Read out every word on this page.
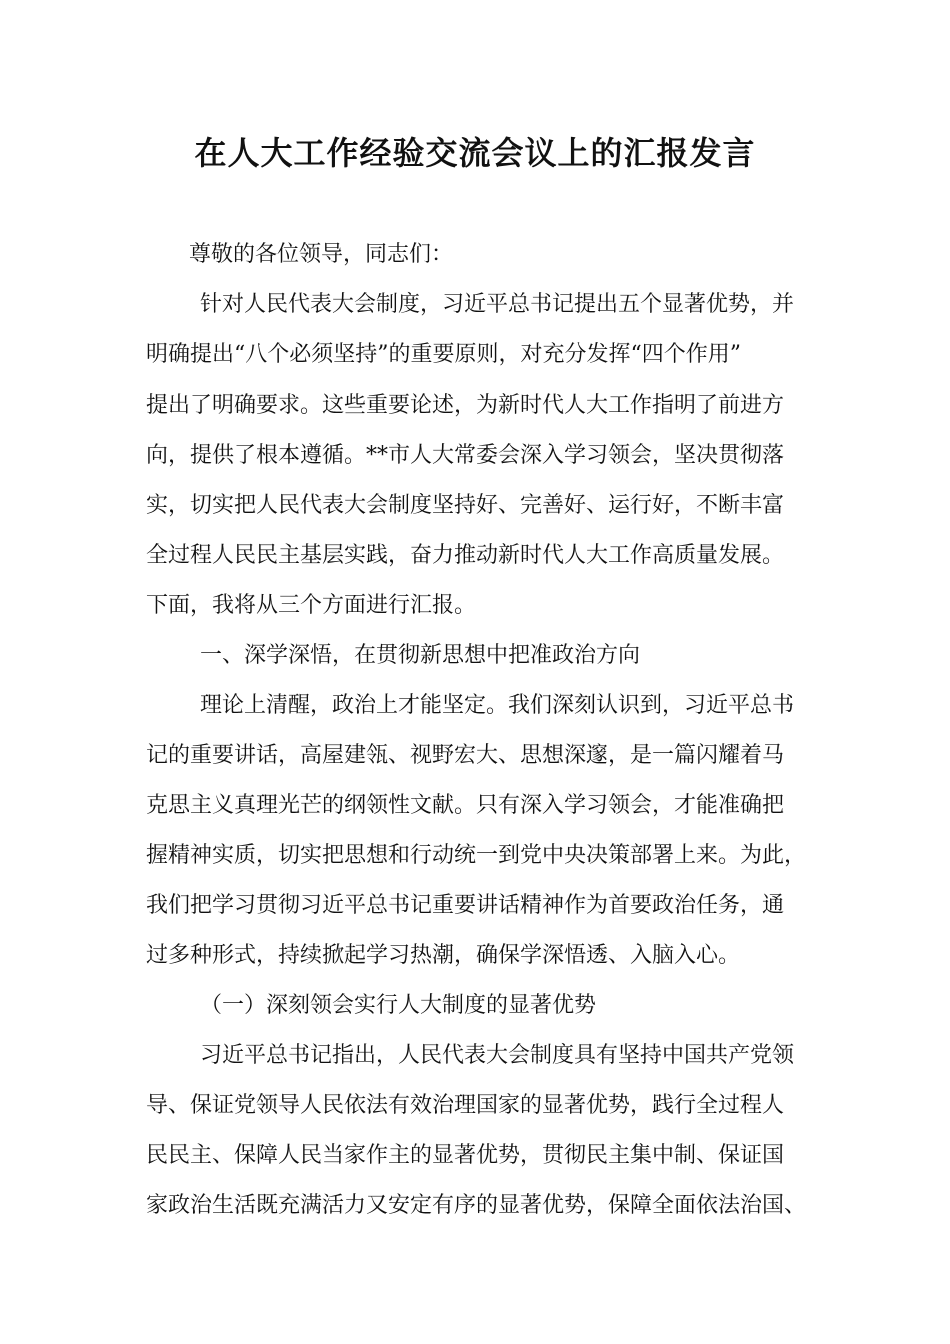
在人大工作经验交流会议上的汇报发言

尊敬的各位领导，同志们：

针对人民代表大会制度，习近平总书记提出五个显著优势，并

明确提出“八个必须坚持”的重要原则，对充分发挥“四个作用”

提出了明确要求。这些重要论述，为新时代人大工作指明了前进方

向，提供了根本遵循。**市人大常委会深入学习领会，坚决贯彻落

实，切实把人民代表大会制度坚持好、完善好、运行好，不断丰富

全过程人民民主基层实践，奋力推动新时代人大工作高质量发展。

下面，我将从三个方面进行汇报。

一、深学深悟，在贯彻新思想中把准政治方向

理论上清醒，政治上才能坚定。我们深刻认识到，习近平总书

记的重要讲话，高屋建瓴、视野宏大、思想深邃，是一篇闪耀着马

克思主义真理光芒的纲领性文献。只有深入学习领会，才能准确把

握精神实质，切实把思想和行动统一到党中央决策部署上来。为此，

我们把学习贯彻习近平总书记重要讲话精神作为首要政治任务，通

过多种形式，持续掀起学习热潮，确保学深悟透、入脑入心。

（一）深刻领会实行人大制度的显著优势

习近平总书记指出，人民代表大会制度具有坚持中国共产党领

导、保证党领导人民依法有效治理国家的显著优势，践行全过程人

民民主、保障人民当家作主的显著优势，贯彻民主集中制、保证国

家政治生活既充满活力又安定有序的显著优势，保障全面依法治国、
